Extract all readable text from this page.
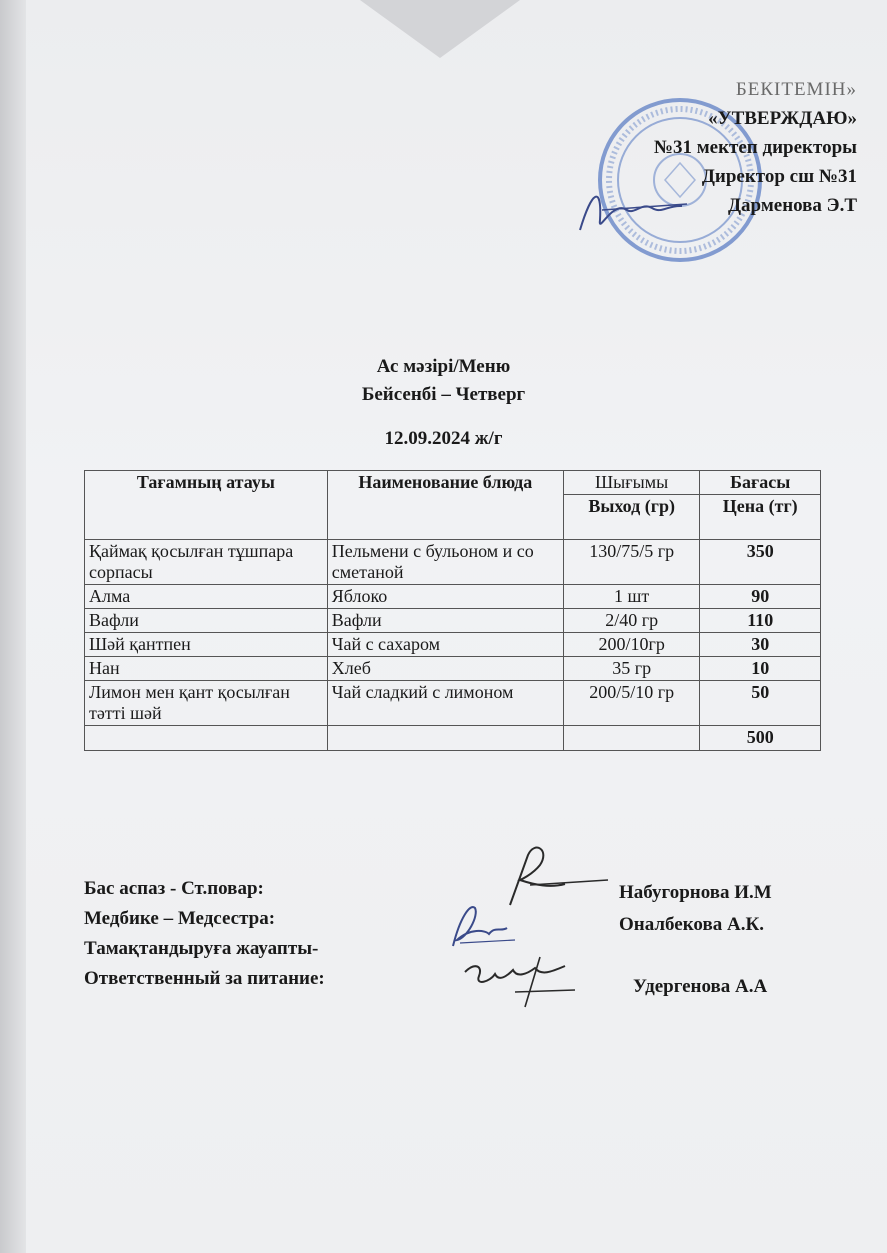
БЕКІТЕМІН»
«УТВЕРЖДАЮ»
№31 мектеп директоры
Директор сш №31
Дарменова Э.Т
Ас мәзірі/Меню
Бейсенбі – Четверг
12.09.2024 ж/г
Тағамның атауы	Наименование блюда	Шығымы	Бағасы
		Выход (гр)	Цена (тг)
Қаймақ қосылған тұшпара сорпасы	Пельмени с бульоном и со сметаной	130/75/5 гр	350
Алма	Яблоко	1 шт	90
Вафли	Вафли	2/40 гр	110
Шәй қантпен	Чай с сахаром	200/10гр	30
Нан	Хлеб	35 гр	10
Лимон мен қант қосылған тәтті шәй	Чай сладкий с лимоном	200/5/10 гр	50
			500
Бас аспаз - Ст.повар:
Медбике – Медсестра:
Тамақтандыруға жауапты-
Ответственный за питание:
Набугорнова И.М
Оналбекова А.К.
Удергенова А.А
